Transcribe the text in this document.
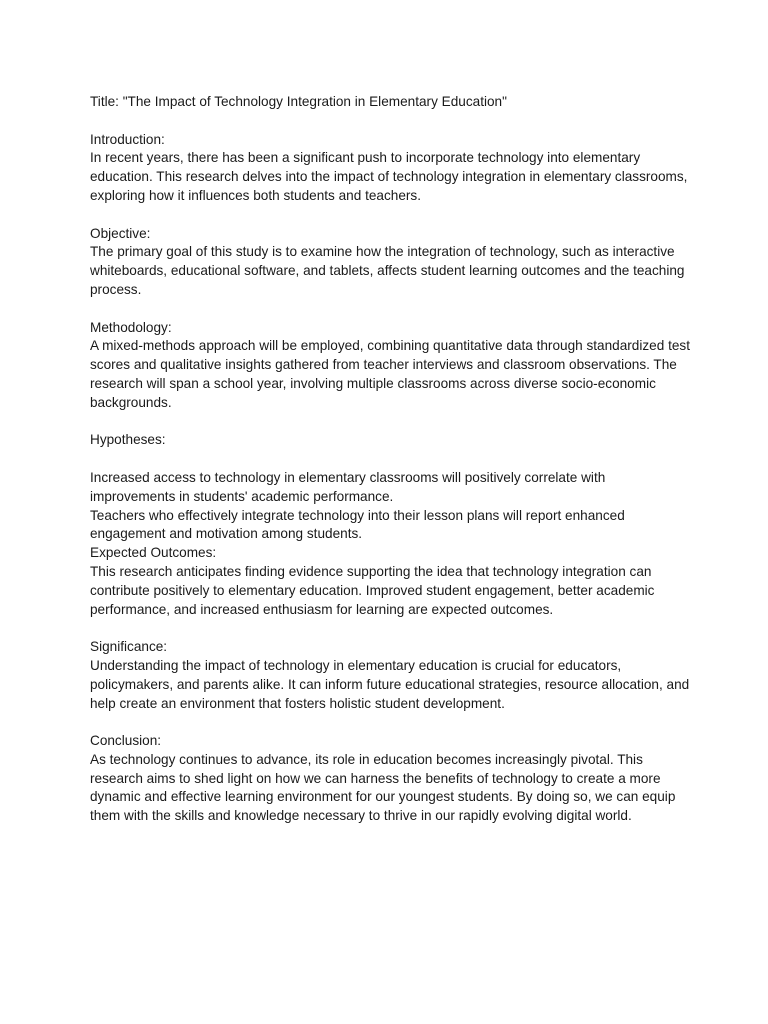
Title: "The Impact of Technology Integration in Elementary Education"

Introduction:

In recent years, there has been a significant push to incorporate technology into elementary education. This research delves into the impact of technology integration in elementary classrooms, exploring how it influences both students and teachers.

Objective:

The primary goal of this study is to examine how the integration of technology, such as interactive whiteboards, educational software, and tablets, affects student learning outcomes and the teaching process.

Methodology:

A mixed-methods approach will be employed, combining quantitative data through standardized test scores and qualitative insights gathered from teacher interviews and classroom observations. The research will span a school year, involving multiple classrooms across diverse socio-economic backgrounds.

Hypotheses:

Increased access to technology in elementary classrooms will positively correlate with improvements in students' academic performance.

Teachers who effectively integrate technology into their lesson plans will report enhanced engagement and motivation among students.

Expected Outcomes:

This research anticipates finding evidence supporting the idea that technology integration can contribute positively to elementary education. Improved student engagement, better academic performance, and increased enthusiasm for learning are expected outcomes.

Significance:

Understanding the impact of technology in elementary education is crucial for educators, policymakers, and parents alike. It can inform future educational strategies, resource allocation, and help create an environment that fosters holistic student development.

Conclusion:

As technology continues to advance, its role in education becomes increasingly pivotal. This research aims to shed light on how we can harness the benefits of technology to create a more dynamic and effective learning environment for our youngest students. By doing so, we can equip them with the skills and knowledge necessary to thrive in our rapidly evolving digital world.
